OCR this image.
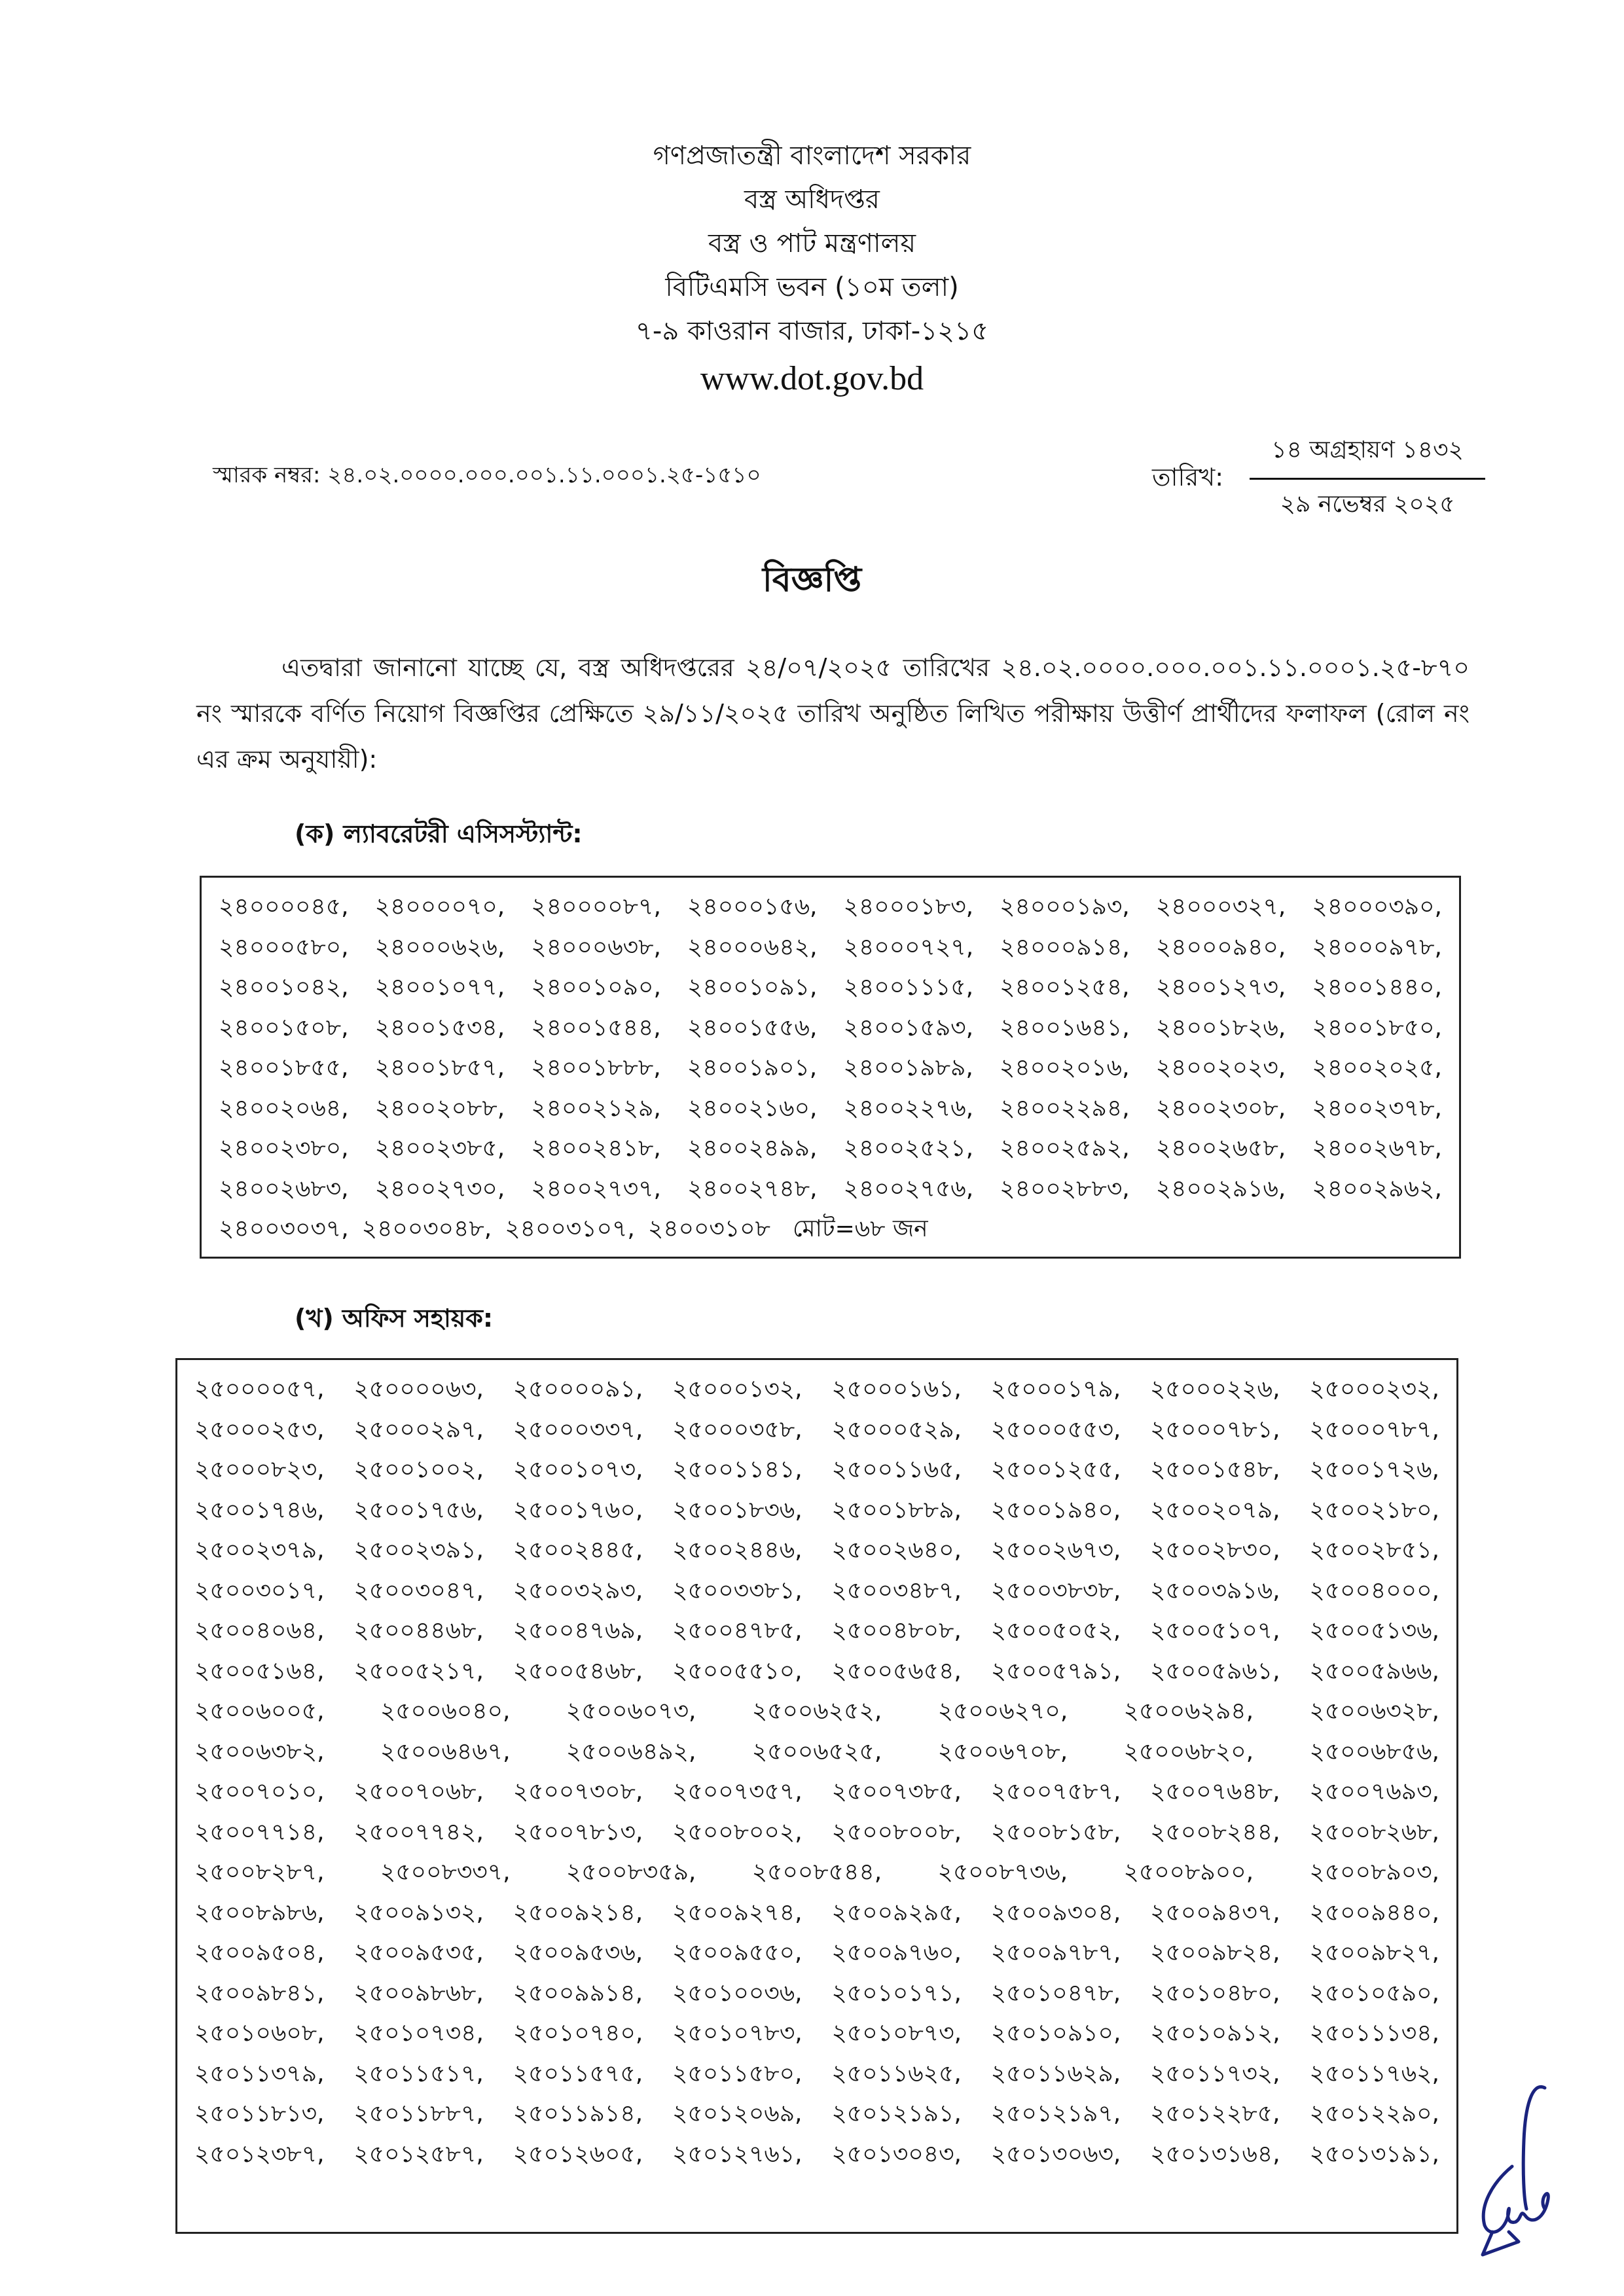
গণপ্রজাতন্ত্রী বাংলাদেশ সরকার
বস্ত্র অধিদপ্তর
বস্ত্র ও পাট মন্ত্রণালয়
বিটিএমসি ভবন (১০ম তলা)
৭-৯ কাওরান বাজার, ঢাকা-১২১৫
www.dot.gov.bd
স্মারক নম্বর: ২৪.০২.০০০০.০০০.০০১.১১.০০০১.২৫-১৫১০	তারিখ: $\frac{\text{১৪ অগ্রহায়ণ ১৪৩২}}{\text{২৯ নভেম্বর ২০২৫}}$
বিজ্ঞপ্তি
এতদ্বারা জানানো যাচ্ছে যে, বস্ত্র অধিদপ্তরের ২৪/০৭/২০২৫ তারিখের ২৪.০২.০০০০.০০০.০০১.১১.০০০১.২৫-৮৭০ নং স্মারকে বর্ণিত নিয়োগ বিজ্ঞপ্তির প্রেক্ষিতে ২৯/১১/২০২৫ তারিখ অনুষ্ঠিত লিখিত পরীক্ষায় উত্তীর্ণ প্রার্থীদের ফলাফল (রোল নং এর ক্রম অনুযায়ী):
(ক) ল্যাবরেটরী এসিসস্ট্যান্ট:
২৪০০০০৪৫, ২৪০০০০৭০, ২৪০০০০৮৭, ২৪০০০১৫৬, ২৪০০০১৮৩, ২৪০০০১৯৩, ২৪০০০৩২৭, ২৪০০০৩৯০,
২৪০০০৫৮০, ২৪০০০৬২৬, ২৪০০০৬৩৮, ২৪০০০৬৪২, ২৪০০০৭২৭, ২৪০০০৯১৪, ২৪০০০৯৪০, ২৪০০০৯৭৮,
২৪০০১০৪২, ২৪০০১০৭৭, ২৪০০১০৯০, ২৪০০১০৯১, ২৪০০১১১৫, ২৪০০১২৫৪, ২৪০০১২৭৩, ২৪০০১৪৪০,
২৪০০১৫০৮, ২৪০০১৫৩৪, ২৪০০১৫৪৪, ২৪০০১৫৫৬, ২৪০০১৫৯৩, ২৪০০১৬৪১, ২৪০০১৮২৬, ২৪০০১৮৫০,
২৪০০১৮৫৫, ২৪০০১৮৫৭, ২৪০০১৮৮৮, ২৪০০১৯০১, ২৪০০১৯৮৯, ২৪০০২০১৬, ২৪০০২০২৩, ২৪০০২০২৫,
২৪০০২০৬৪, ২৪০০২০৮৮, ২৪০০২১২৯, ২৪০০২১৬০, ২৪০০২২৭৬, ২৪০০২২৯৪, ২৪০০২৩০৮, ২৪০০২৩৭৮,
২৪০০২৩৮০, ২৪০০২৩৮৫, ২৪০০২৪১৮, ২৪০০২৪৯৯, ২৪০০২৫২১, ২৪০০২৫৯২, ২৪০০২৬৫৮, ২৪০০২৬৭৮,
২৪০০২৬৮৩, ২৪০০২৭৩০, ২৪০০২৭৩৭, ২৪০০২৭৪৮, ২৪০০২৭৫৬, ২৪০০২৮৮৩, ২৪০০২৯১৬, ২৪০০২৯৬২,
২৪০০৩০৩৭, ২৪০০৩০৪৮, ২৪০০৩১০৭, ২৪০০৩১০৮ মোট=৬৮ জন
(খ) অফিস সহায়ক:
২৫০০০০৫৭, ২৫০০০০৬৩, ২৫০০০০৯১, ২৫০০০১৩২, ২৫০০০১৬১, ২৫০০০১৭৯, ২৫০০০২২৬, ২৫০০০২৩২,
২৫০০০২৫৩, ২৫০০০২৯৭, ২৫০০০৩৩৭, ২৫০০০৩৫৮, ২৫০০০৫২৯, ২৫০০০৫৫৩, ২৫০০০৭৮১, ২৫০০০৭৮৭,
২৫০০০৮২৩, ২৫০০১০০২, ২৫০০১০৭৩, ২৫০০১১৪১, ২৫০০১১৬৫, ২৫০০১২৫৫, ২৫০০১৫৪৮, ২৫০০১৭২৬,
২৫০০১৭৪৬, ২৫০০১৭৫৬, ২৫০০১৭৬০, ২৫০০১৮৩৬, ২৫০০১৮৮৯, ২৫০০১৯৪০, ২৫০০২০৭৯, ২৫০০২১৮০,
২৫০০২৩৭৯, ২৫০০২৩৯১, ২৫০০২৪৪৫, ২৫০০২৪৪৬, ২৫০০২৬৪০, ২৫০০২৬৭৩, ২৫০০২৮৩০, ২৫০০২৮৫১,
২৫০০৩০১৭, ২৫০০৩০৪৭, ২৫০০৩২৯৩, ২৫০০৩৩৮১, ২৫০০৩৪৮৭, ২৫০০৩৮৩৮, ২৫০০৩৯১৬, ২৫০০৪০০০,
২৫০০৪০৬৪, ২৫০০৪৪৬৮, ২৫০০৪৭৬৯, ২৫০০৪৭৮৫, ২৫০০৪৮০৮, ২৫০০৫০৫২, ২৫০০৫১০৭, ২৫০০৫১৩৬,
২৫০০৫১৬৪, ২৫০০৫২১৭, ২৫০০৫৪৬৮, ২৫০০৫৫১০, ২৫০০৫৬৫৪, ২৫০০৫৭৯১, ২৫০০৫৯৬১, ২৫০০৫৯৬৬,
২৫০০৬০০৫, ২৫০০৬০৪০, ২৫০০৬০৭৩, ২৫০০৬২৫২, ২৫০০৬২৭০, ২৫০০৬২৯৪, ২৫০০৬৩২৮,
২৫০০৬৩৮২, ২৫০০৬৪৬৭, ২৫০০৬৪৯২, ২৫০০৬৫২৫, ২৫০০৬৭০৮, ২৫০০৬৮২০, ২৫০০৬৮৫৬,
২৫০০৭০১০, ২৫০০৭০৬৮, ২৫০০৭৩০৮, ২৫০০৭৩৫৭, ২৫০০৭৩৮৫, ২৫০০৭৫৮৭, ২৫০০৭৬৪৮, ২৫০০৭৬৯৩,
২৫০০৭৭১৪, ২৫০০৭৭৪২, ২৫০০৭৮১৩, ২৫০০৮০০২, ২৫০০৮০০৮, ২৫০০৮১৫৮, ২৫০০৮২৪৪, ২৫০০৮২৬৮,
২৫০০৮২৮৭, ২৫০০৮৩৩৭, ২৫০০৮৩৫৯, ২৫০০৮৫৪৪, ২৫০০৮৭৩৬, ২৫০০৮৯০০, ২৫০০৮৯০৩,
২৫০০৮৯৮৬, ২৫০০৯১৩২, ২৫০০৯২১৪, ২৫০০৯২৭৪, ২৫০০৯২৯৫, ২৫০০৯৩০৪, ২৫০০৯৪৩৭, ২৫০০৯৪৪০,
২৫০০৯৫০৪, ২৫০০৯৫৩৫, ২৫০০৯৫৩৬, ২৫০০৯৫৫০, ২৫০০৯৭৬০, ২৫০০৯৭৮৭, ২৫০০৯৮২৪, ২৫০০৯৮২৭,
২৫০০৯৮৪১, ২৫০০৯৮৬৮, ২৫০০৯৯১৪, ২৫০১০০৩৬, ২৫০১০১৭১, ২৫০১০৪৭৮, ২৫০১০৪৮০, ২৫০১০৫৯০,
২৫০১০৬০৮, ২৫০১০৭৩৪, ২৫০১০৭৪০, ২৫০১০৭৮৩, ২৫০১০৮৭৩, ২৫০১০৯১০, ২৫০১০৯১২, ২৫০১১১৩৪,
২৫০১১৩৭৯, ২৫০১১৫১৭, ২৫০১১৫৭৫, ২৫০১১৫৮০, ২৫০১১৬২৫, ২৫০১১৬২৯, ২৫০১১৭৩২, ২৫০১১৭৬২,
২৫০১১৮১৩, ২৫০১১৮৮৭, ২৫০১১৯১৪, ২৫০১২০৬৯, ২৫০১২১৯১, ২৫০১২১৯৭, ২৫০১২২৮৫, ২৫০১২২৯০,
২৫০১২৩৮৭, ২৫০১২৫৮৭, ২৫০১২৬০৫, ২৫০১২৭৬১, ২৫০১৩০৪৩, ২৫০১৩০৬৩, ২৫০১৩১৬৪, ২৫০১৩১৯১,
